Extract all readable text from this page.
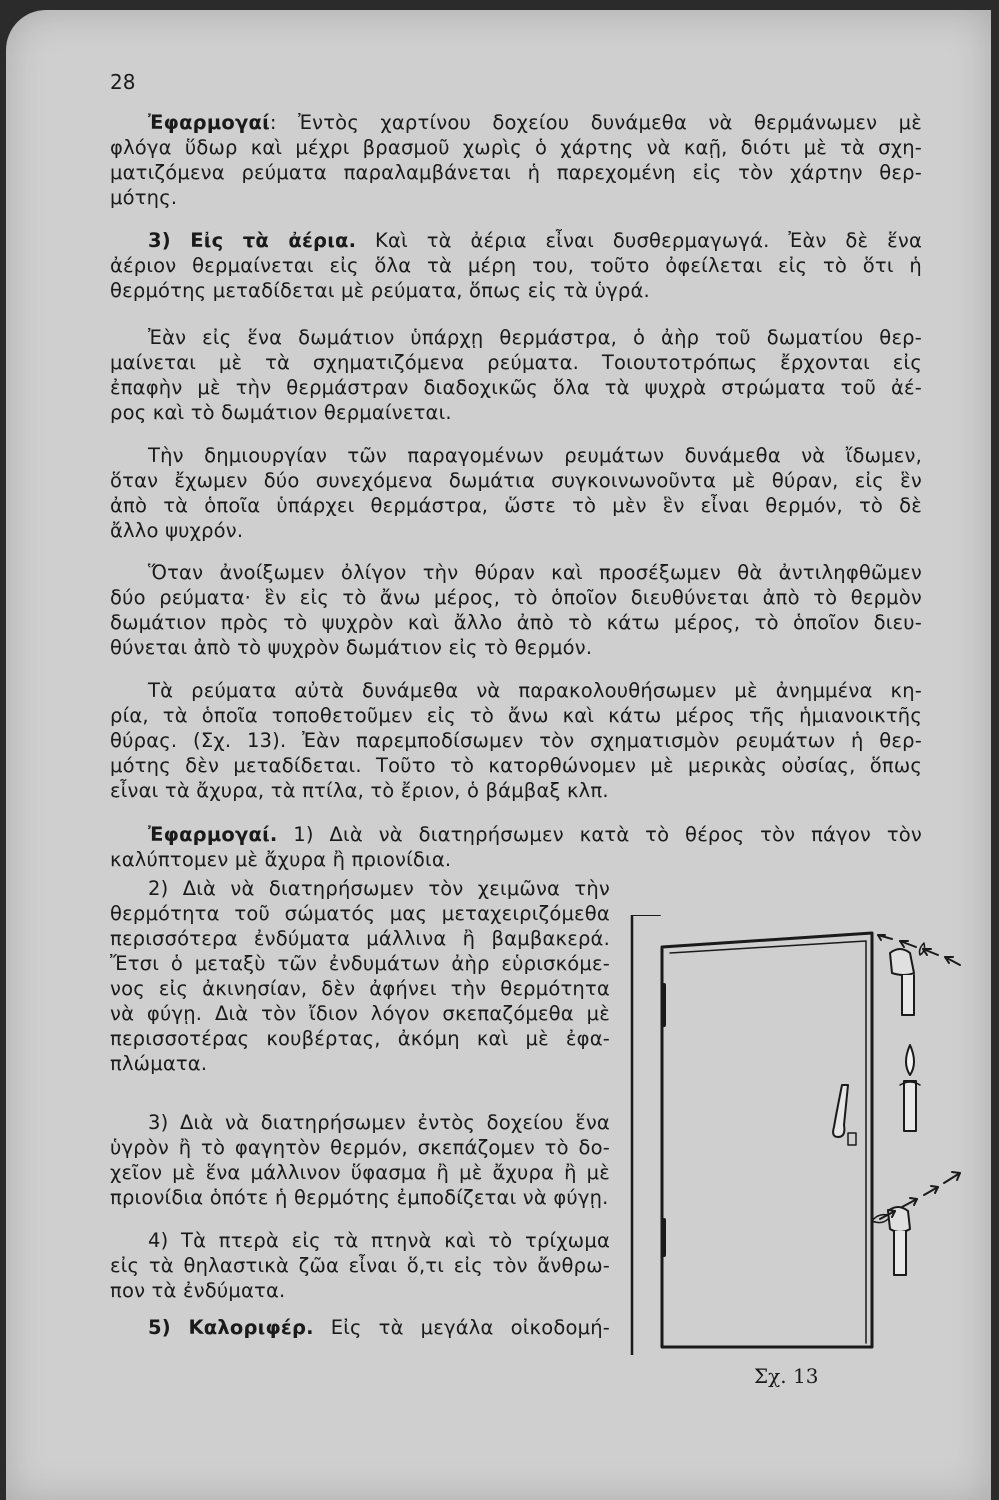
28
Ἐφαρμογαί: Ἐντὸς χαρτίνου δοχείου δυνάμεθα νὰ θερμάνωμεν μὲ
φλόγα ὕδωρ καὶ μέχρι βρασμοῦ χωρὶς ὁ χάρτης νὰ καῇ, διότι μὲ τὰ σχη-
ματιζόμενα ρεύματα παραλαμβάνεται ἡ παρεχομένη εἰς τὸν χάρτην θερ-
μότης.
3) Εἰς τὰ ἀέρια. Καὶ τὰ ἀέρια εἶναι δυσθερμαγωγά. Ἐὰν δὲ ἕνα
ἀέριον θερμαίνεται εἰς ὅλα τὰ μέρη του, τοῦτο ὀφείλεται εἰς τὸ ὅτι ἡ
θερμότης μεταδίδεται μὲ ρεύματα, ὅπως εἰς τὰ ὑγρά.
Ἐὰν εἰς ἕνα δωμάτιον ὑπάρχῃ θερμάστρα, ὁ ἀὴρ τοῦ δωματίου θερ-
μαίνεται μὲ τὰ σχηματιζόμενα ρεύματα. Τοιουτοτρόπως ἔρχονται εἰς
ἐπαφὴν μὲ τὴν θερμάστραν διαδοχικῶς ὅλα τὰ ψυχρὰ στρώματα τοῦ ἀέ-
ρος καὶ τὸ δωμάτιον θερμαίνεται.
Τὴν δημιουργίαν τῶν παραγομένων ρευμάτων δυνάμεθα νὰ ἴδωμεν,
ὅταν ἔχωμεν δύο συνεχόμενα δωμάτια συγκοινωνοῦντα μὲ θύραν, εἰς ἓν
ἀπὸ τὰ ὁποῖα ὑπάρχει θερμάστρα, ὥστε τὸ μὲν ἓν εἶναι θερμόν, τὸ δὲ
ἄλλο ψυχρόν.
Ὅταν ἀνοίξωμεν ὀλίγον τὴν θύραν καὶ προσέξωμεν θὰ ἀντιληφθῶμεν
δύο ρεύματα· ἓν εἰς τὸ ἄνω μέρος, τὸ ὁποῖον διευθύνεται ἀπὸ τὸ θερμὸν
δωμάτιον πρὸς τὸ ψυχρὸν καὶ ἄλλο ἀπὸ τὸ κάτω μέρος, τὸ ὁποῖον διευ-
θύνεται ἀπὸ τὸ ψυχρὸν δωμάτιον εἰς τὸ θερμόν.
Τὰ ρεύματα αὐτὰ δυνάμεθα νὰ παρακολουθήσωμεν μὲ ἀνημμένα κη-
ρία, τὰ ὁποῖα τοποθετοῦμεν εἰς τὸ ἄνω καὶ κάτω μέρος τῆς ἡμιανοικτῆς
θύρας. (Σχ. 13). Ἐὰν παρεμποδίσωμεν τὸν σχηματισμὸν ρευμάτων ἡ θερ-
μότης δὲν μεταδίδεται. Τοῦτο τὸ κατορθώνομεν μὲ μερικὰς οὐσίας, ὅπως
εἶναι τὰ ἄχυρα, τὰ πτίλα, τὸ ἔριον, ὁ βάμβαξ κλπ.
Ἐφαρμογαί. 1) Διὰ νὰ διατηρήσωμεν κατὰ τὸ θέρος τὸν πάγον τὸν
καλύπτομεν μὲ ἄχυρα ἢ πριονίδια.
2) Διὰ νὰ διατηρήσωμεν τὸν χειμῶνα τὴν
θερμότητα τοῦ σώματός μας μεταχειριζόμεθα
περισσότερα ἐνδύματα μάλλινα ἢ βαμβακερά.
Ἔτσι ὁ μεταξὺ τῶν ἐνδυμάτων ἀὴρ εὑρισκόμε-
νος εἰς ἀκινησίαν, δὲν ἀφήνει τὴν θερμότητα
νὰ φύγῃ. Διὰ τὸν ἴδιον λόγον σκεπαζόμεθα μὲ
περισσοτέρας κουβέρτας, ἀκόμη καὶ μὲ ἐφα-
πλώματα.
3) Διὰ νὰ διατηρήσωμεν ἐντὸς δοχείου ἕνα
ὑγρὸν ἢ τὸ φαγητὸν θερμόν, σκεπάζομεν τὸ δο-
χεῖον μὲ ἕνα μάλλινον ὕφασμα ἢ μὲ ἄχυρα ἢ μὲ
πριονίδια ὁπότε ἡ θερμότης ἐμποδίζεται νὰ φύγῃ.
4) Τὰ πτερὰ εἰς τὰ πτηνὰ καὶ τὸ τρίχωμα
εἰς τὰ θηλαστικὰ ζῶα εἶναι ὅ,τι εἰς τὸν ἄνθρω-
πον τὰ ἐνδύματα.
5) Καλοριφέρ. Εἰς τὰ μεγάλα οἰκοδομή-
Σχ. 13
